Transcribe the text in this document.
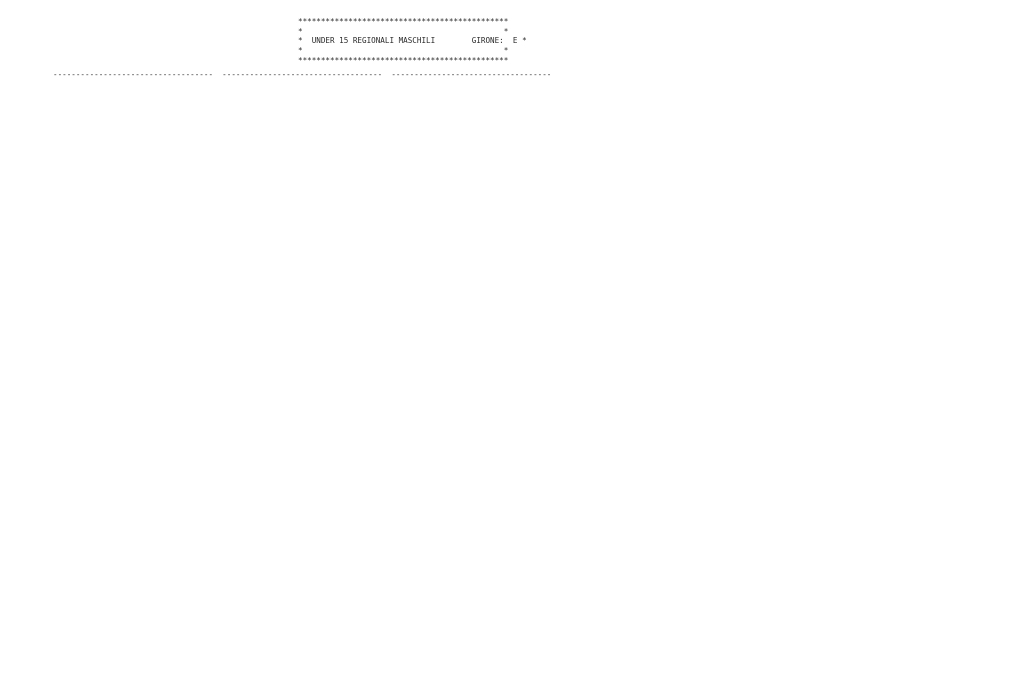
**********************************************
*                                            *
*  UNDER 15 REGIONALI MASCHILI	GIRONE: E *
*                                            *
**********************************************
----------------------------------- ----------------------------------- -----------------------------------
